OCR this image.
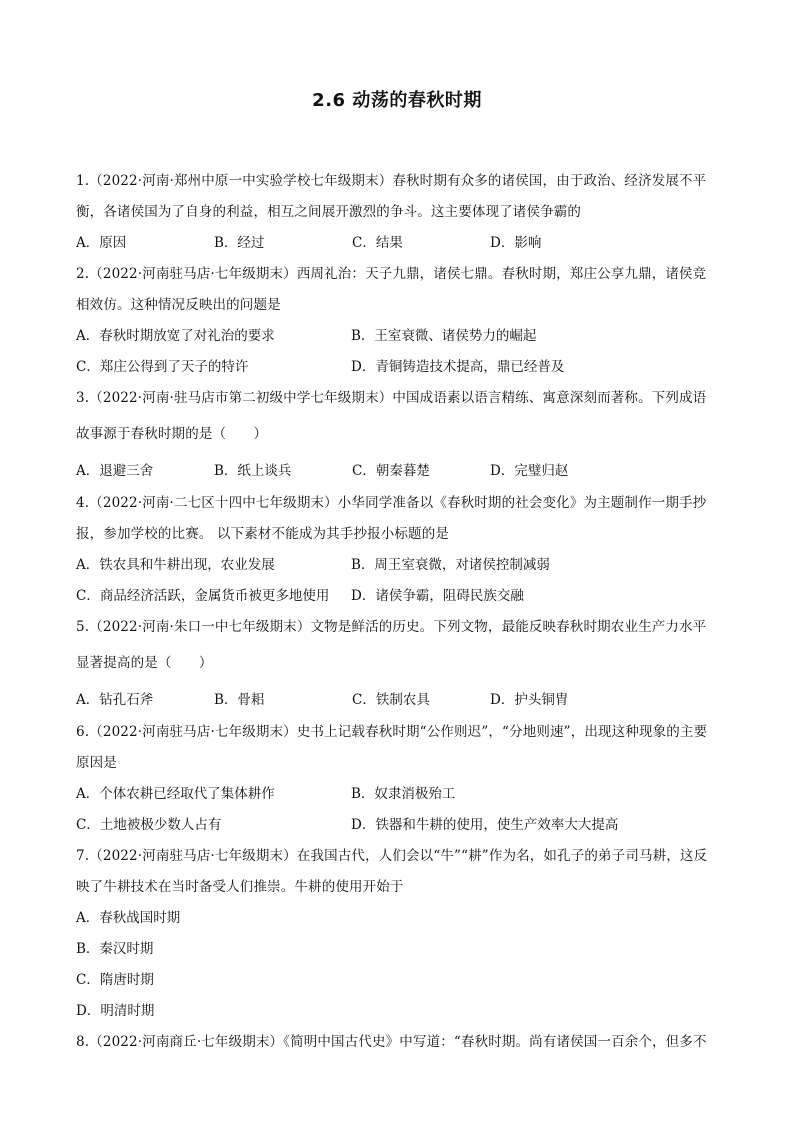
2.6 动荡的春秋时期
1.（2022·河南·郑州中原一中实验学校七年级期末）春秋时期有众多的诸侯国，由于政治、经济发展不平
衡，各诸侯国为了自身的利益，相互之间展开激烈的争斗。这主要体现了诸侯争霸的
A．原因	B．经过	C．结果	D．影响
2.（2022·河南驻马店·七年级期末）西周礼治：天子九鼎，诸侯七鼎。春秋时期，郑庄公享九鼎，诸侯竞
相效仿。这种情况反映出的问题是
A．春秋时期放宽了对礼治的要求	B．王室衰微、诸侯势力的崛起
C．郑庄公得到了天子的特许	D．青铜铸造技术提高，鼎已经普及
3.（2022·河南·驻马店市第二初级中学七年级期末）中国成语素以语言精练、寓意深刻而著称。下列成语
故事源于春秋时期的是（　　）
A．退避三舍	B．纸上谈兵	C．朝秦暮楚	D．完璧归赵
4.（2022·河南·二七区十四中七年级期末）小华同学准备以《春秋时期的社会变化》为主题制作一期手抄
报，参加学校的比赛。 以下素材不能成为其手抄报小标题的是
A．铁农具和牛耕出现，农业发展	B．周王室衰微，对诸侯控制减弱
C．商品经济活跃，金属货币被更多地使用	D．诸侯争霸，阻碍民族交融
5.（2022·河南·朱口一中七年级期末）文物是鲜活的历史。下列文物，最能反映春秋时期农业生产力水平
显著提高的是（　　）
A．钻孔石斧	B．骨耜	C．铁制农具	D．护头铜胄
6.（2022·河南驻马店·七年级期末）史书上记载春秋时期“公作则迟”，“分地则速”，出现这种现象的主要
原因是
A．个体农耕已经取代了集体耕作	B．奴隶消极殆工
C．土地被极少数人占有	D．铁器和牛耕的使用，使生产效率大大提高
7.（2022·河南驻马店·七年级期末）在我国古代，人们会以“牛”“耕”作为名，如孔子的弟子司马耕，这反
映了牛耕技术在当时备受人们推崇。牛耕的使用开始于
A．春秋战国时期
B．秦汉时期
C．隋唐时期
D．明清时期
8.（2022·河南商丘·七年级期末）《简明中国古代史》中写道：“春秋时期。尚有诸侯国一百余个，但多不
